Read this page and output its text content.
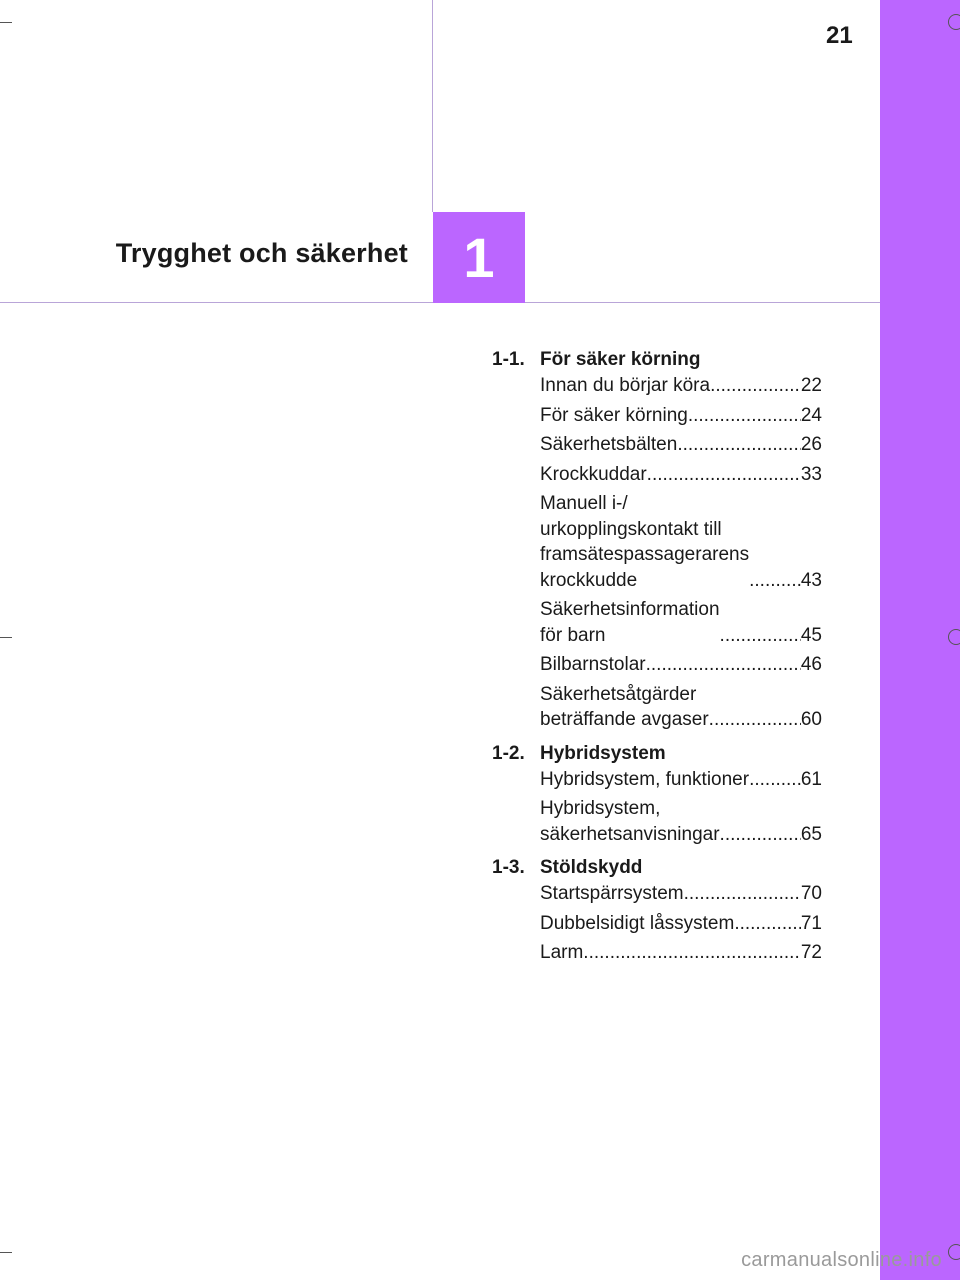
21
Trygghet och säkerhet 1
1-1. För säker körning
Innan du börjar köra .....	22
För säker körning .....	24
Säkerhetsbälten .....	26
Krockkuddar .....	33
Manuell i-/
urkopplingskontakt till
framsätespassagerarens
krockkudde .....	43
Säkerhetsinformation
för barn .....	45
Bilbarnstolar .....	46
Säkerhetsåtgärder
beträffande avgaser .....	60
1-2. Hybridsystem
Hybridsystem, funktioner .....	61
Hybridsystem,
säkerhetsanvisningar .....	65
1-3. Stöldskydd
Startspärrsystem .....	70
Dubbelsidigt låssystem .....	71
Larm .....	72
carmanualsonline.info
